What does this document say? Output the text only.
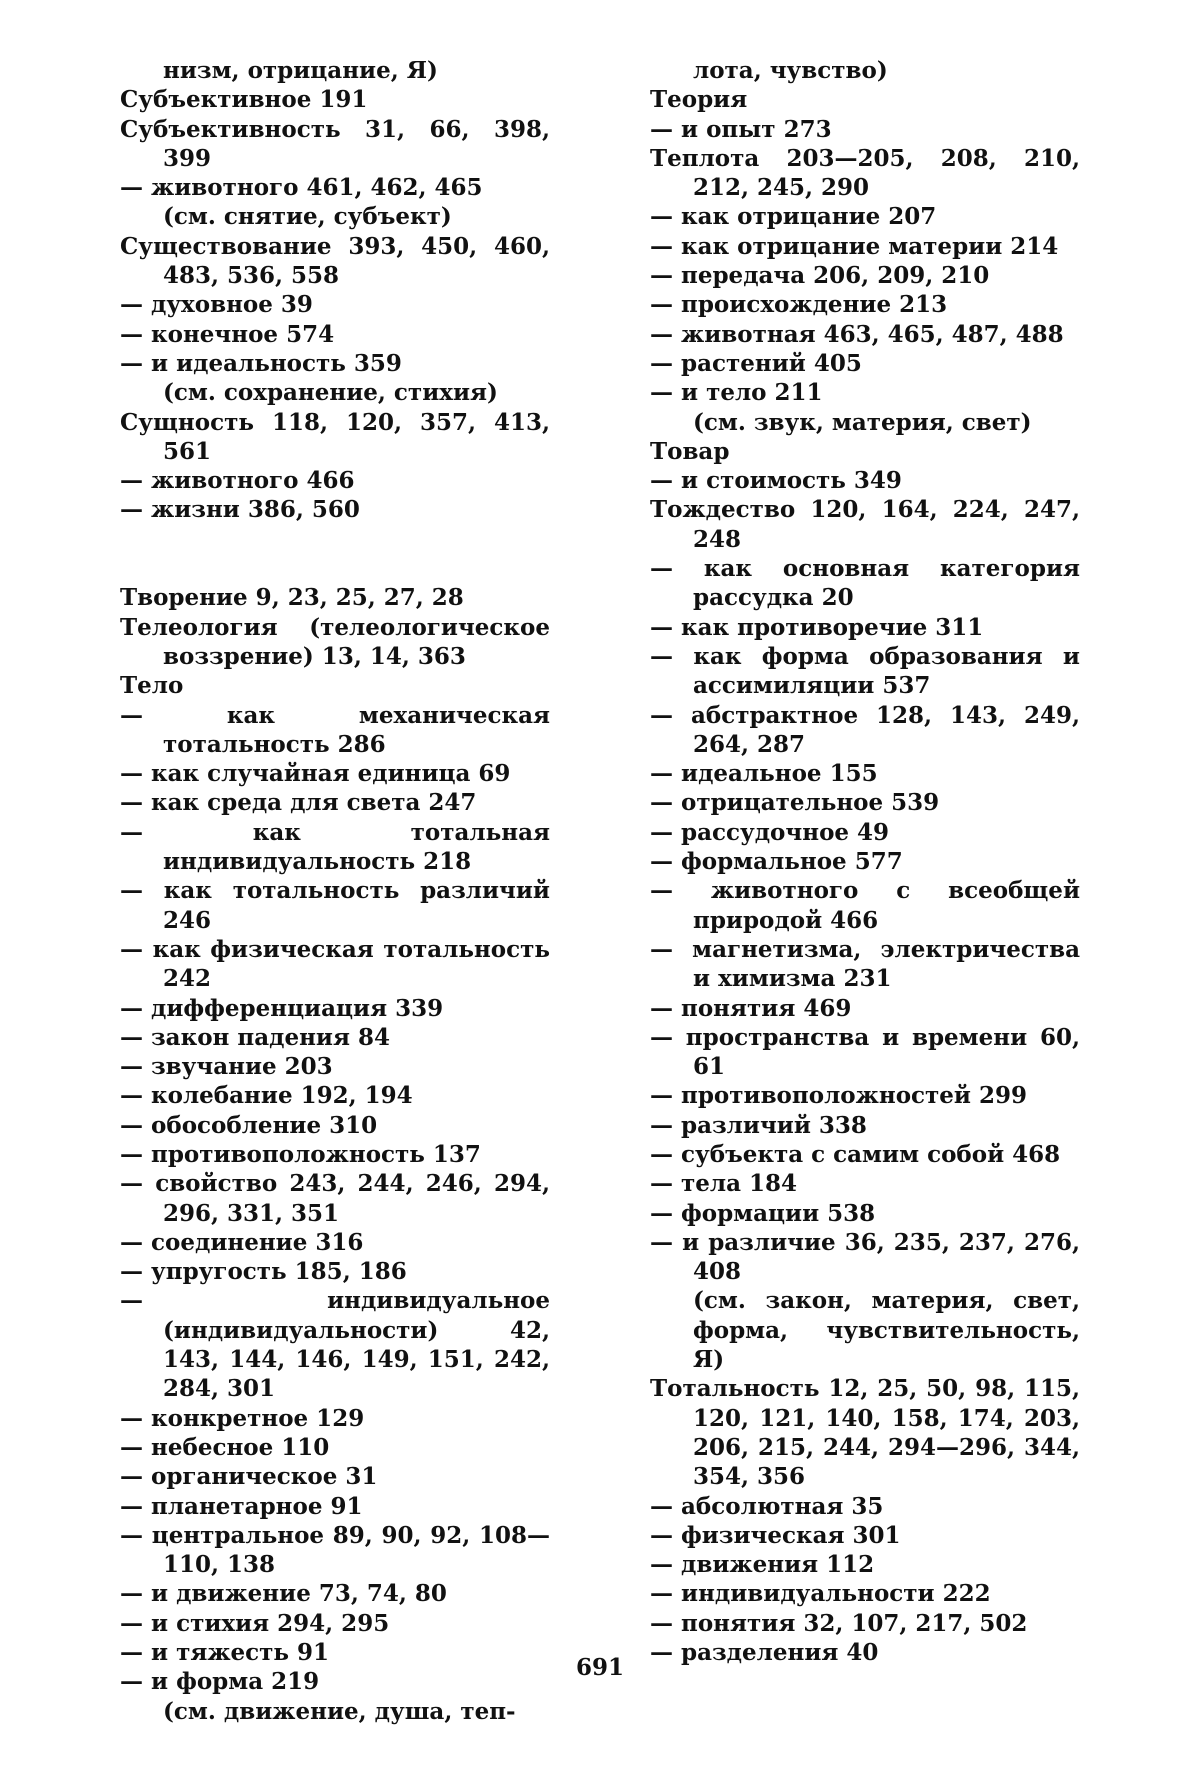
низм, отрицание, Я)
Субъективное 191
Субъективность 31, 66, 398, 399
— животного 461, 462, 465
(см. снятие, субъект)
Существование 393, 450, 460, 483, 536, 558
— духовное 39
— конечное 574
— и идеальность 359
(см. сохранение, стихия)
Сущность 118, 120, 357, 413, 561
— животного 466
— жизни 386, 560
Творение 9, 23, 25, 27, 28
Телеология (телеологическое воззрение) 13, 14, 363
Тело
— как механическая тотальность 286
— как случайная единица 69
— как среда для света 247
— как тотальная индивидуальность 218
— как тотальность различий 246
— как физическая тотальность 242
— дифференциация 339
— закон падения 84
— звучание 203
— колебание 192, 194
— обособление 310
— противоположность 137
— свойство 243, 244, 246, 294, 296, 331, 351
— соединение 316
— упругость 185, 186
— индивидуальное (индивидуальности) 42, 143, 144, 146, 149, 151, 242, 284, 301
— конкретное 129
— небесное 110
— органическое 31
— планетарное 91
— центральное 89, 90, 92, 108—110, 138
— и движение 73, 74, 80
— и стихия 294, 295
— и тяжесть 91
— и форма 219
(см. движение, душа, теп-
лота, чувство)
Теория
— и опыт 273
Теплота 203—205, 208, 210, 212, 245, 290
— как отрицание 207
— как отрицание материи 214
— передача 206, 209, 210
— происхождение 213
— животная 463, 465, 487, 488
— растений 405
— и тело 211
(см. звук, материя, свет)
Товар
— и стоимость 349
Тождество 120, 164, 224, 247, 248
— как основная категория рассудка 20
— как противоречие 311
— как форма образования и ассимиляции 537
— абстрактное 128, 143, 249, 264, 287
— идеальное 155
— отрицательное 539
— рассудочное 49
— формальное 577
— животного с всеобщей природой 466
— магнетизма, электричества и химизма 231
— понятия 469
— пространства и времени 60, 61
— противоположностей 299
— различий 338
— субъекта с самим собой 468
— тела 184
— формации 538
— и различие 36, 235, 237, 276, 408
(см. закон, материя, свет, форма, чувствительность, Я)
Тотальность 12, 25, 50, 98, 115, 120, 121, 140, 158, 174, 203, 206, 215, 244, 294—296, 344, 354, 356
— абсолютная 35
— физическая 301
— движения 112
— индивидуальности 222
— понятия 32, 107, 217, 502
— разделения 40
691
